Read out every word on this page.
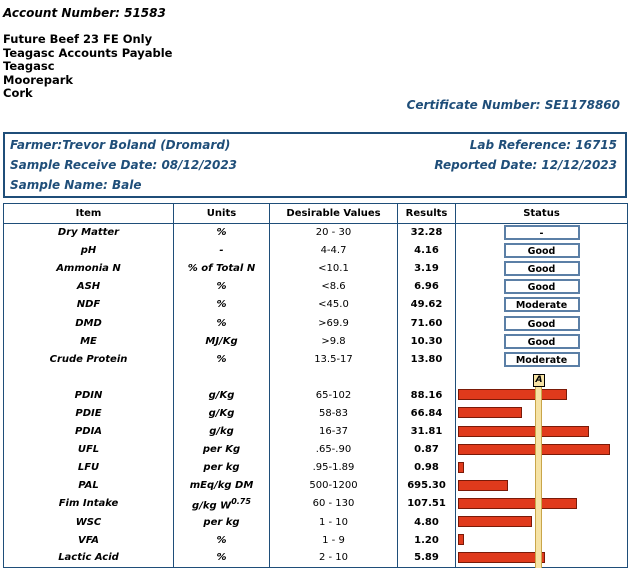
Account Number: 51583
Future Beef 23 FE Only
Teagasc Accounts Payable
Teagasc
Moorepark
Cork
Certificate Number: SE1178860
Farmer:Trevor Boland (Dromard)	Lab Reference: 16715
Sample Receive Date: 08/12/2023	Reported Date: 12/12/2023
Sample Name: Bale
Item	Units	Desirable Values	Results	Status
Dry Matter	%	20 - 30	32.28	-
pH	-	4-4.7	4.16	Good
Ammonia N	% of Total N	<10.1	3.19	Good
ASH	%	<8.6	6.96	Good
NDF	%	<45.0	49.62	Moderate
DMD	%	>69.9	71.60	Good
ME	MJ/Kg	>9.8	10.30	Good
Crude Protein	%	13.5-17	13.80	Moderate

PDIN	g/Kg	65-102	88.16	

PDIE	g/Kg	58-83	66.84	

PDIA	g/kg	16-37	31.81	

UFL	per Kg	.65-.90	0.87	

LFU	per kg	.95-1.89	0.98	

PAL	mEq/kg DM	500-1200	695.30	

Fim Intake	g/kg $W^{0.75}$	60 - 130	107.51	

WSC	per kg	1 - 10	4.80	

VFA	%	1 - 9	1.20	

Lactic Acid	%	2 - 10	5.89	
A
